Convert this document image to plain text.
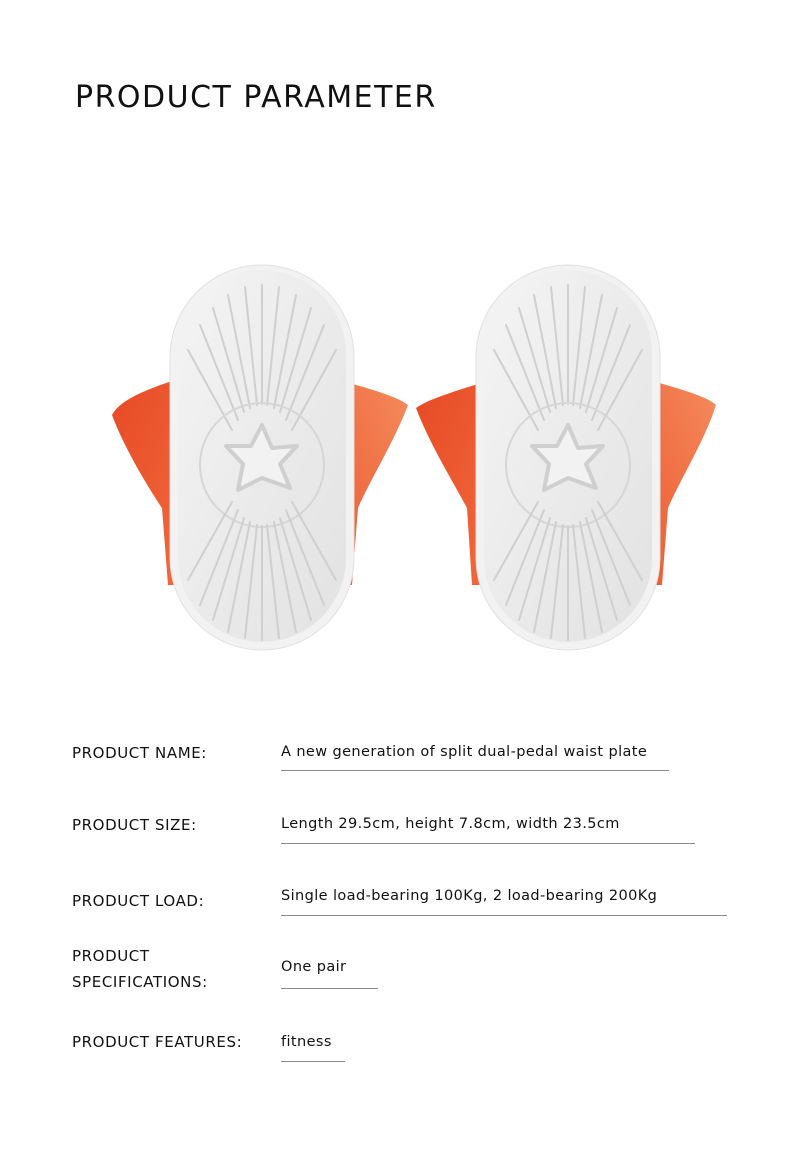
PRODUCT PARAMETER
PRODUCT NAME:	A new generation of split dual-pedal waist plate
PRODUCT SIZE:	Length 29.5cm, height 7.8cm, width 23.5cm
PRODUCT LOAD:	Single load-bearing 100Kg, 2 load-bearing 200Kg
PRODUCT
SPECIFICATIONS:
One pair
PRODUCT FEATURES:	fitness
